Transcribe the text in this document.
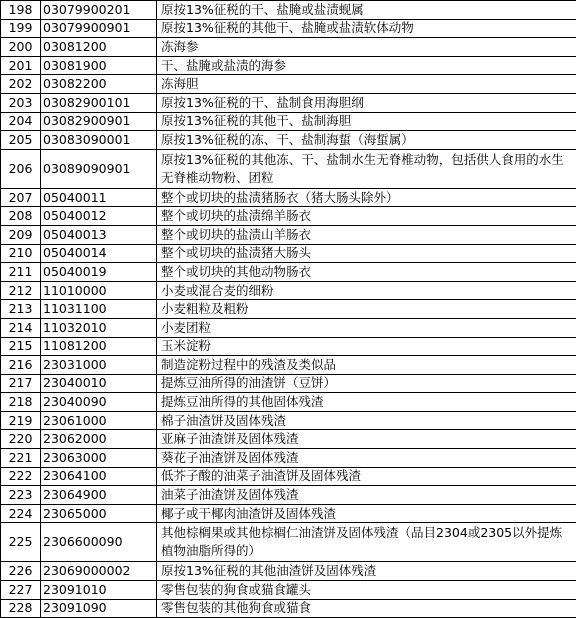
198	03079900201	原按13%征税的干、盐腌或盐渍蚬属
199	03079900901	原按13%征税的其他干、盐腌或盐渍软体动物
200	03081200	冻海参
201	03081900	干、盐腌或盐渍的海参
202	03082200	冻海胆
203	03082900101	原按13%征税的干、盐制食用海胆纲
204	03082900901	原按13%征税的其他干、盐制海胆
205	03083090001	原按13%征税的冻、干、盐制海蜇（海蜇属）
206	03089090901	原按13%征税的其他冻、干、盐制水生无脊椎动物，包括供人食用的水生无脊椎动物粉、团粒
207	05040011	整个或切块的盐渍猪肠衣（猪大肠头除外）
208	05040012	整个或切块的盐渍绵羊肠衣
209	05040013	整个或切块的盐渍山羊肠衣
210	05040014	整个或切块的盐渍猪大肠头
211	05040019	整个或切块的其他动物肠衣
212	11010000	小麦或混合麦的细粉
213	11031100	小麦粗粒及粗粉
214	11032010	小麦团粒
215	11081200	玉米淀粉
216	23031000	制造淀粉过程中的残渣及类似品
217	23040010	提炼豆油所得的油渣饼（豆饼）
218	23040090	提炼豆油所得的其他固体残渣
219	23061000	棉子油渣饼及固体残渣
220	23062000	亚麻子油渣饼及固体残渣
221	23063000	葵花子油渣饼及固体残渣
222	23064100	低芥子酸的油菜子油渣饼及固体残渣
223	23064900	油菜子油渣饼及固体残渣
224	23065000	椰子或干椰肉油渣饼及固体残渣
225	2306600090	其他棕榈果或其他棕榈仁油渣饼及固体残渣（品目2304或2305以外提炼植物油脂所得的）
226	23069000002	原按13%征税的其他油渣饼及固体残渣
227	23091010	零售包装的狗食或猫食罐头
228	23091090	零售包装的其他狗食或猫食
